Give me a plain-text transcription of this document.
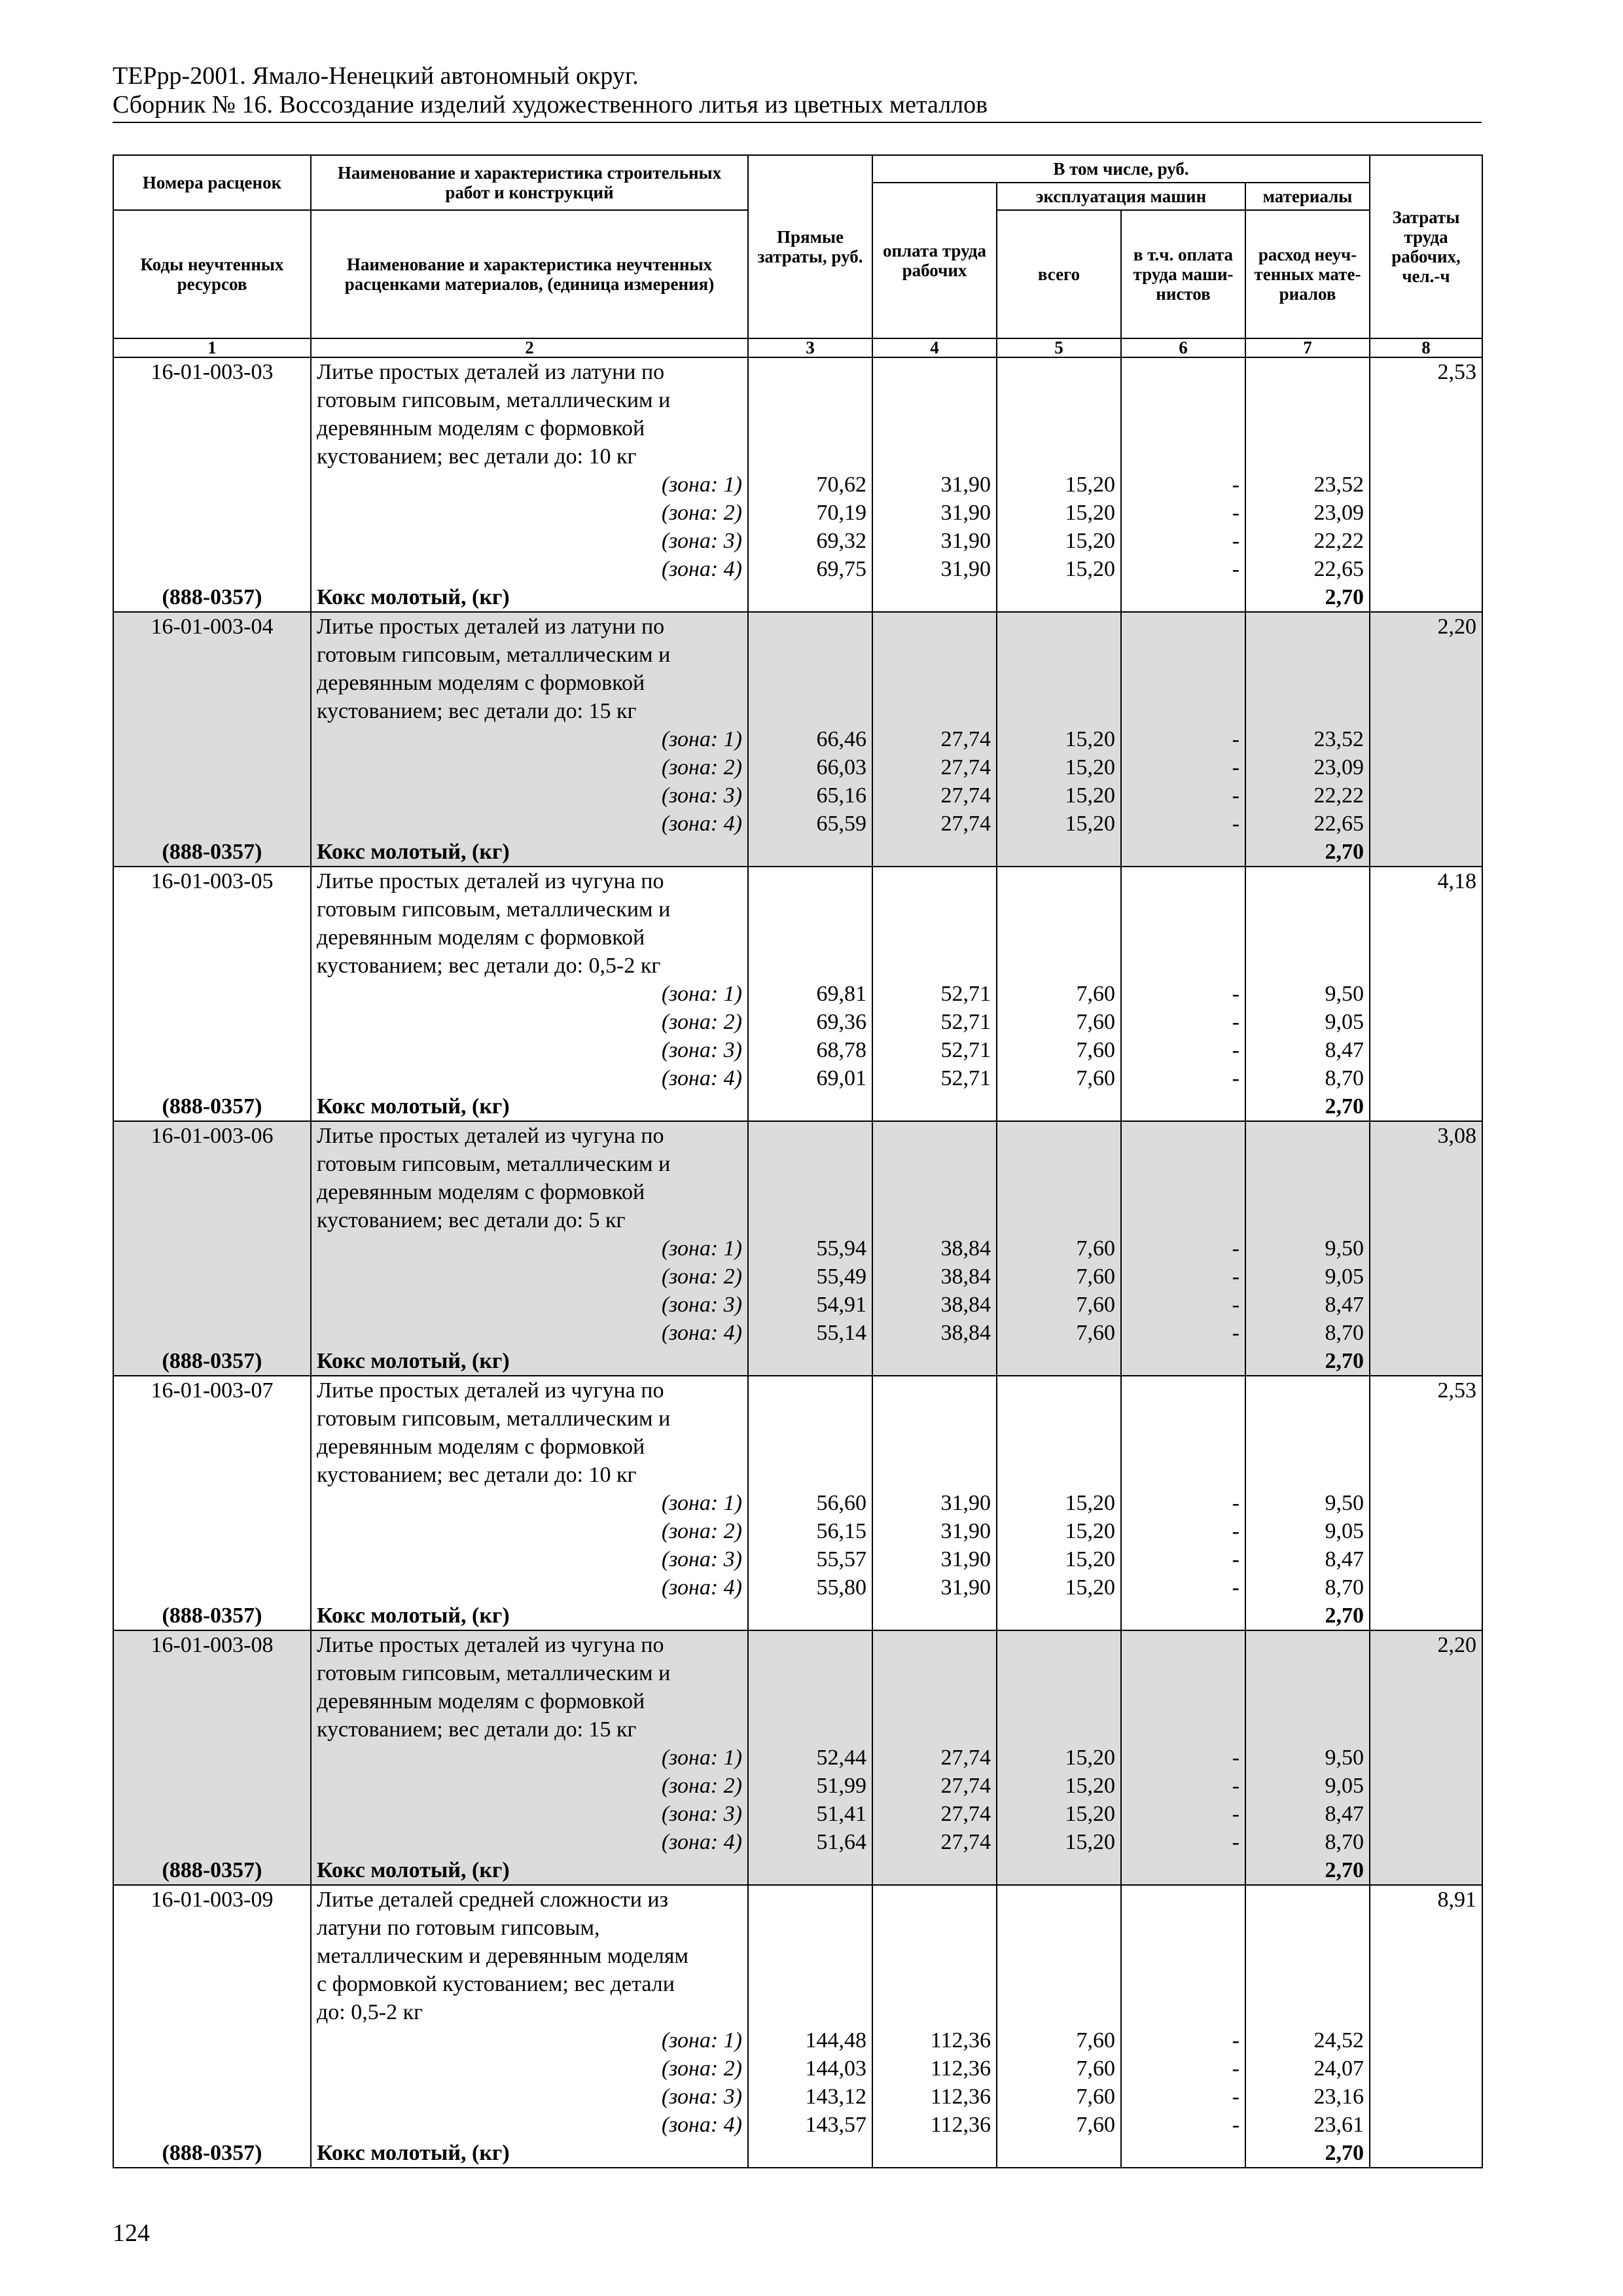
ТЕРрр-2001. Ямало-Ненецкий автономный округ.
Сборник № 16. Воссоздание изделий художественного литья из цветных металлов
Номера расценок	Наименование и характеристика строительных работ и конструкций	Прямые затраты, руб.	В том числе, руб.				Затраты труда рабочих, чел.-ч
			оплата труда рабочих	эксплуатация машин		материалы	
Коды неучтенных ресурсов	Наименование и характеристика неучтенных расценками материалов, (единица измерения)			всего	в т.ч. оплата труда маши-нистов	расход неуч-тенных мате-риалов	
1	2	3	4	5	6	7	8
16-01-003-03	Литье простых деталей из латуни по						2,53
	готовым гипсовым, металлическим и						
	деревянным моделям с формовкой						
	кустованием; вес детали до: 10 кг						
	(зона: 1)	70,62	31,90	15,20	-	23,52	
	(зона: 2)	70,19	31,90	15,20	-	23,09	
	(зона: 3)	69,32	31,90	15,20	-	22,22	
	(зона: 4)	69,75	31,90	15,20	-	22,65	
(888-0357)	Кокс молотый, (кг)					2,70	
16-01-003-04	Литье простых деталей из латуни по						2,20
	готовым гипсовым, металлическим и						
	деревянным моделям с формовкой						
	кустованием; вес детали до: 15 кг						
	(зона: 1)	66,46	27,74	15,20	-	23,52	
	(зона: 2)	66,03	27,74	15,20	-	23,09	
	(зона: 3)	65,16	27,74	15,20	-	22,22	
	(зона: 4)	65,59	27,74	15,20	-	22,65	
(888-0357)	Кокс молотый, (кг)					2,70	
16-01-003-05	Литье простых деталей из чугуна по						4,18
	готовым гипсовым, металлическим и						
	деревянным моделям с формовкой						
	кустованием; вес детали до: 0,5-2 кг						
	(зона: 1)	69,81	52,71	7,60	-	9,50	
	(зона: 2)	69,36	52,71	7,60	-	9,05	
	(зона: 3)	68,78	52,71	7,60	-	8,47	
	(зона: 4)	69,01	52,71	7,60	-	8,70	
(888-0357)	Кокс молотый, (кг)					2,70	
16-01-003-06	Литье простых деталей из чугуна по						3,08
	готовым гипсовым, металлическим и						
	деревянным моделям с формовкой						
	кустованием; вес детали до: 5 кг						
	(зона: 1)	55,94	38,84	7,60	-	9,50	
	(зона: 2)	55,49	38,84	7,60	-	9,05	
	(зона: 3)	54,91	38,84	7,60	-	8,47	
	(зона: 4)	55,14	38,84	7,60	-	8,70	
(888-0357)	Кокс молотый, (кг)					2,70	
16-01-003-07	Литье простых деталей из чугуна по						2,53
	готовым гипсовым, металлическим и						
	деревянным моделям с формовкой						
	кустованием; вес детали до: 10 кг						
	(зона: 1)	56,60	31,90	15,20	-	9,50	
	(зона: 2)	56,15	31,90	15,20	-	9,05	
	(зона: 3)	55,57	31,90	15,20	-	8,47	
	(зона: 4)	55,80	31,90	15,20	-	8,70	
(888-0357)	Кокс молотый, (кг)					2,70	
16-01-003-08	Литье простых деталей из чугуна по						2,20
	готовым гипсовым, металлическим и						
	деревянным моделям с формовкой						
	кустованием; вес детали до: 15 кг						
	(зона: 1)	52,44	27,74	15,20	-	9,50	
	(зона: 2)	51,99	27,74	15,20	-	9,05	
	(зона: 3)	51,41	27,74	15,20	-	8,47	
	(зона: 4)	51,64	27,74	15,20	-	8,70	
(888-0357)	Кокс молотый, (кг)					2,70	
16-01-003-09	Литье деталей средней сложности из						8,91
	латуни по готовым гипсовым,						
	металлическим и деревянным моделям						
	с формовкой кустованием; вес детали						
	до: 0,5-2 кг						
	(зона: 1)	144,48	112,36	7,60	-	24,52	
	(зона: 2)	144,03	112,36	7,60	-	24,07	
	(зона: 3)	143,12	112,36	7,60	-	23,16	
	(зона: 4)	143,57	112,36	7,60	-	23,61	
(888-0357)	Кокс молотый, (кг)					2,70	
124
